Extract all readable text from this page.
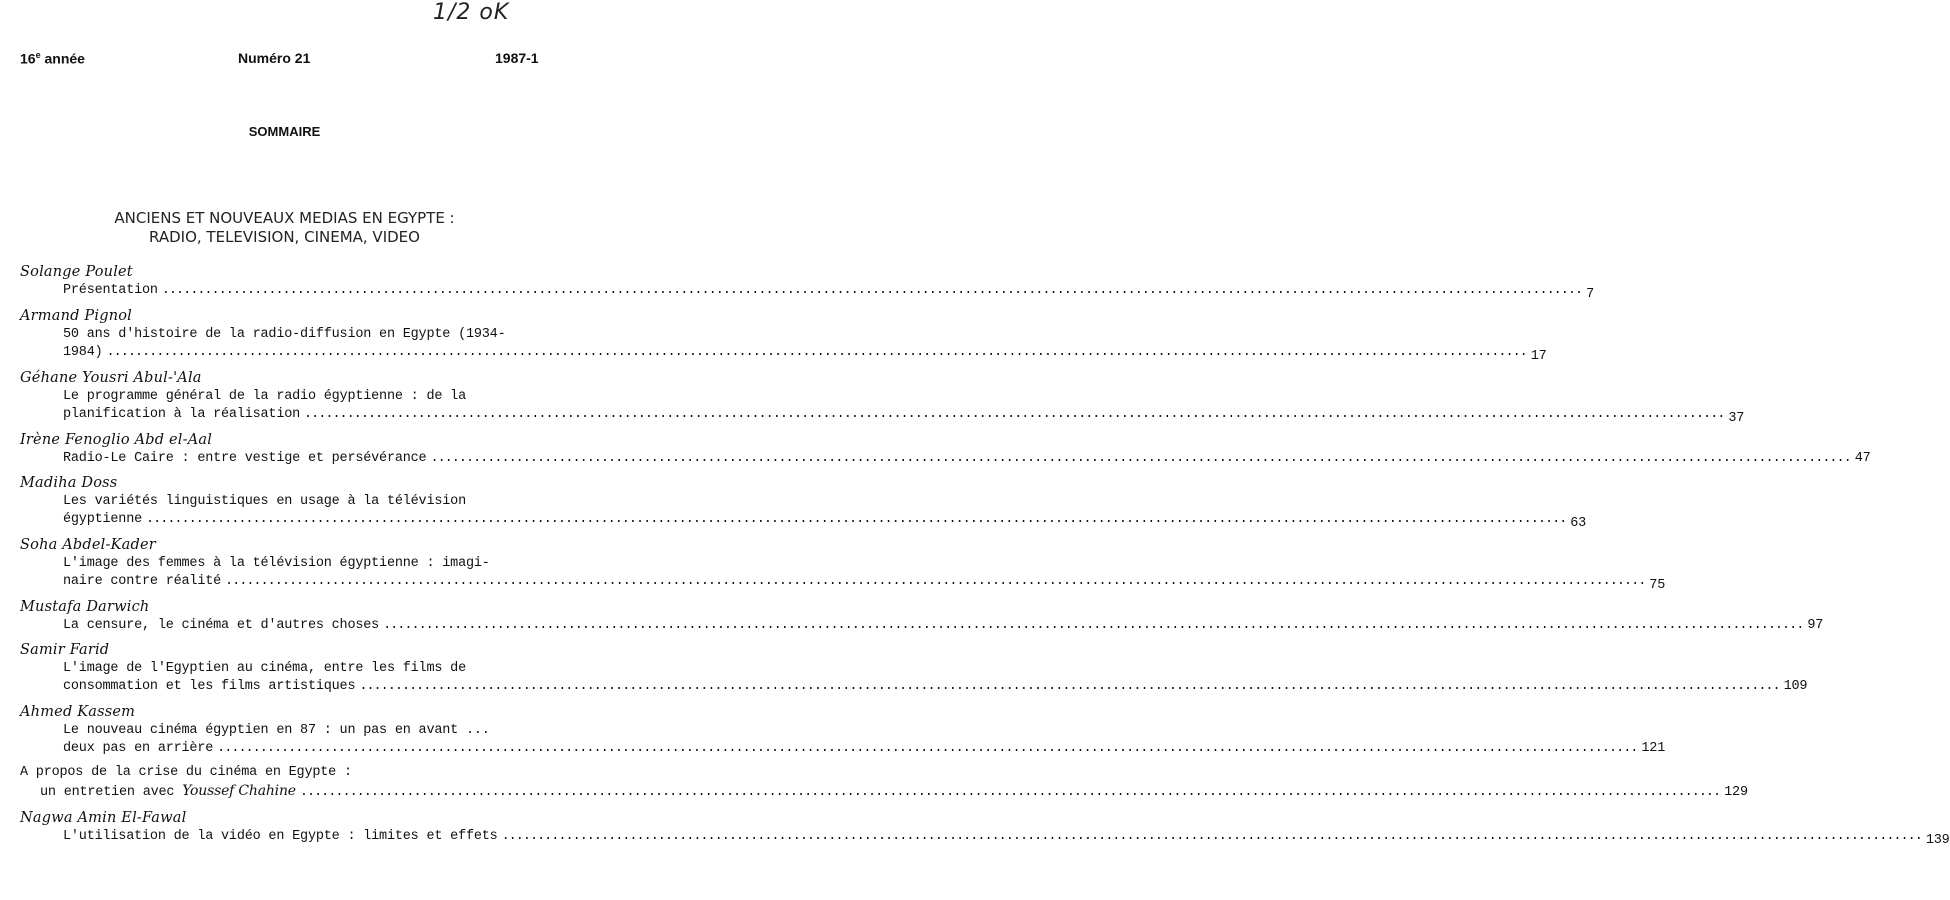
1/2 oK
16e année	Numéro 21	1987-1
SOMMAIRE
ANCIENS ET NOUVEAUX MEDIAS EN EGYPTE :
RADIO, TELEVISION, CINEMA, VIDEO
Solange Poulet
Présentation ........................................................................................................................................................................................................ 7
Armand Pignol
50 ans d'histoire de la radio-diffusion en Egypte (1934-
1984) ........................................................................................................................................................................................................ 17
Géhane Yousri Abul-'Ala
Le programme général de la radio égyptienne : de la
planification à la réalisation ........................................................................................................................................................................................................ 37
Irène Fenoglio Abd el-Aal
Radio-Le Caire : entre vestige et persévérance ........................................................................................................................................................................................................ 47
Madiha Doss
Les variétés linguistiques en usage à la télévision
égyptienne ........................................................................................................................................................................................................ 63
Soha Abdel-Kader
L'image des femmes à la télévision égyptienne : imagi-
naire contre réalité ........................................................................................................................................................................................................ 75
Mustafa Darwich
La censure, le cinéma et d'autres choses ........................................................................................................................................................................................................ 97
Samir Farid
L'image de l'Egyptien au cinéma, entre les films de
consommation et les films artistiques ........................................................................................................................................................................................................ 109
Ahmed Kassem
Le nouveau cinéma égyptien en 87 : un pas en avant ...
deux pas en arrière ........................................................................................................................................................................................................ 121
A propos de la crise du cinéma en Egypte :
un entretien avec Youssef Chahine ........................................................................................................................................................................................................ 129
Nagwa Amin El-Fawal
L'utilisation de la vidéo en Egypte : limites et effets ........................................................................................................................................................................................................ 139
